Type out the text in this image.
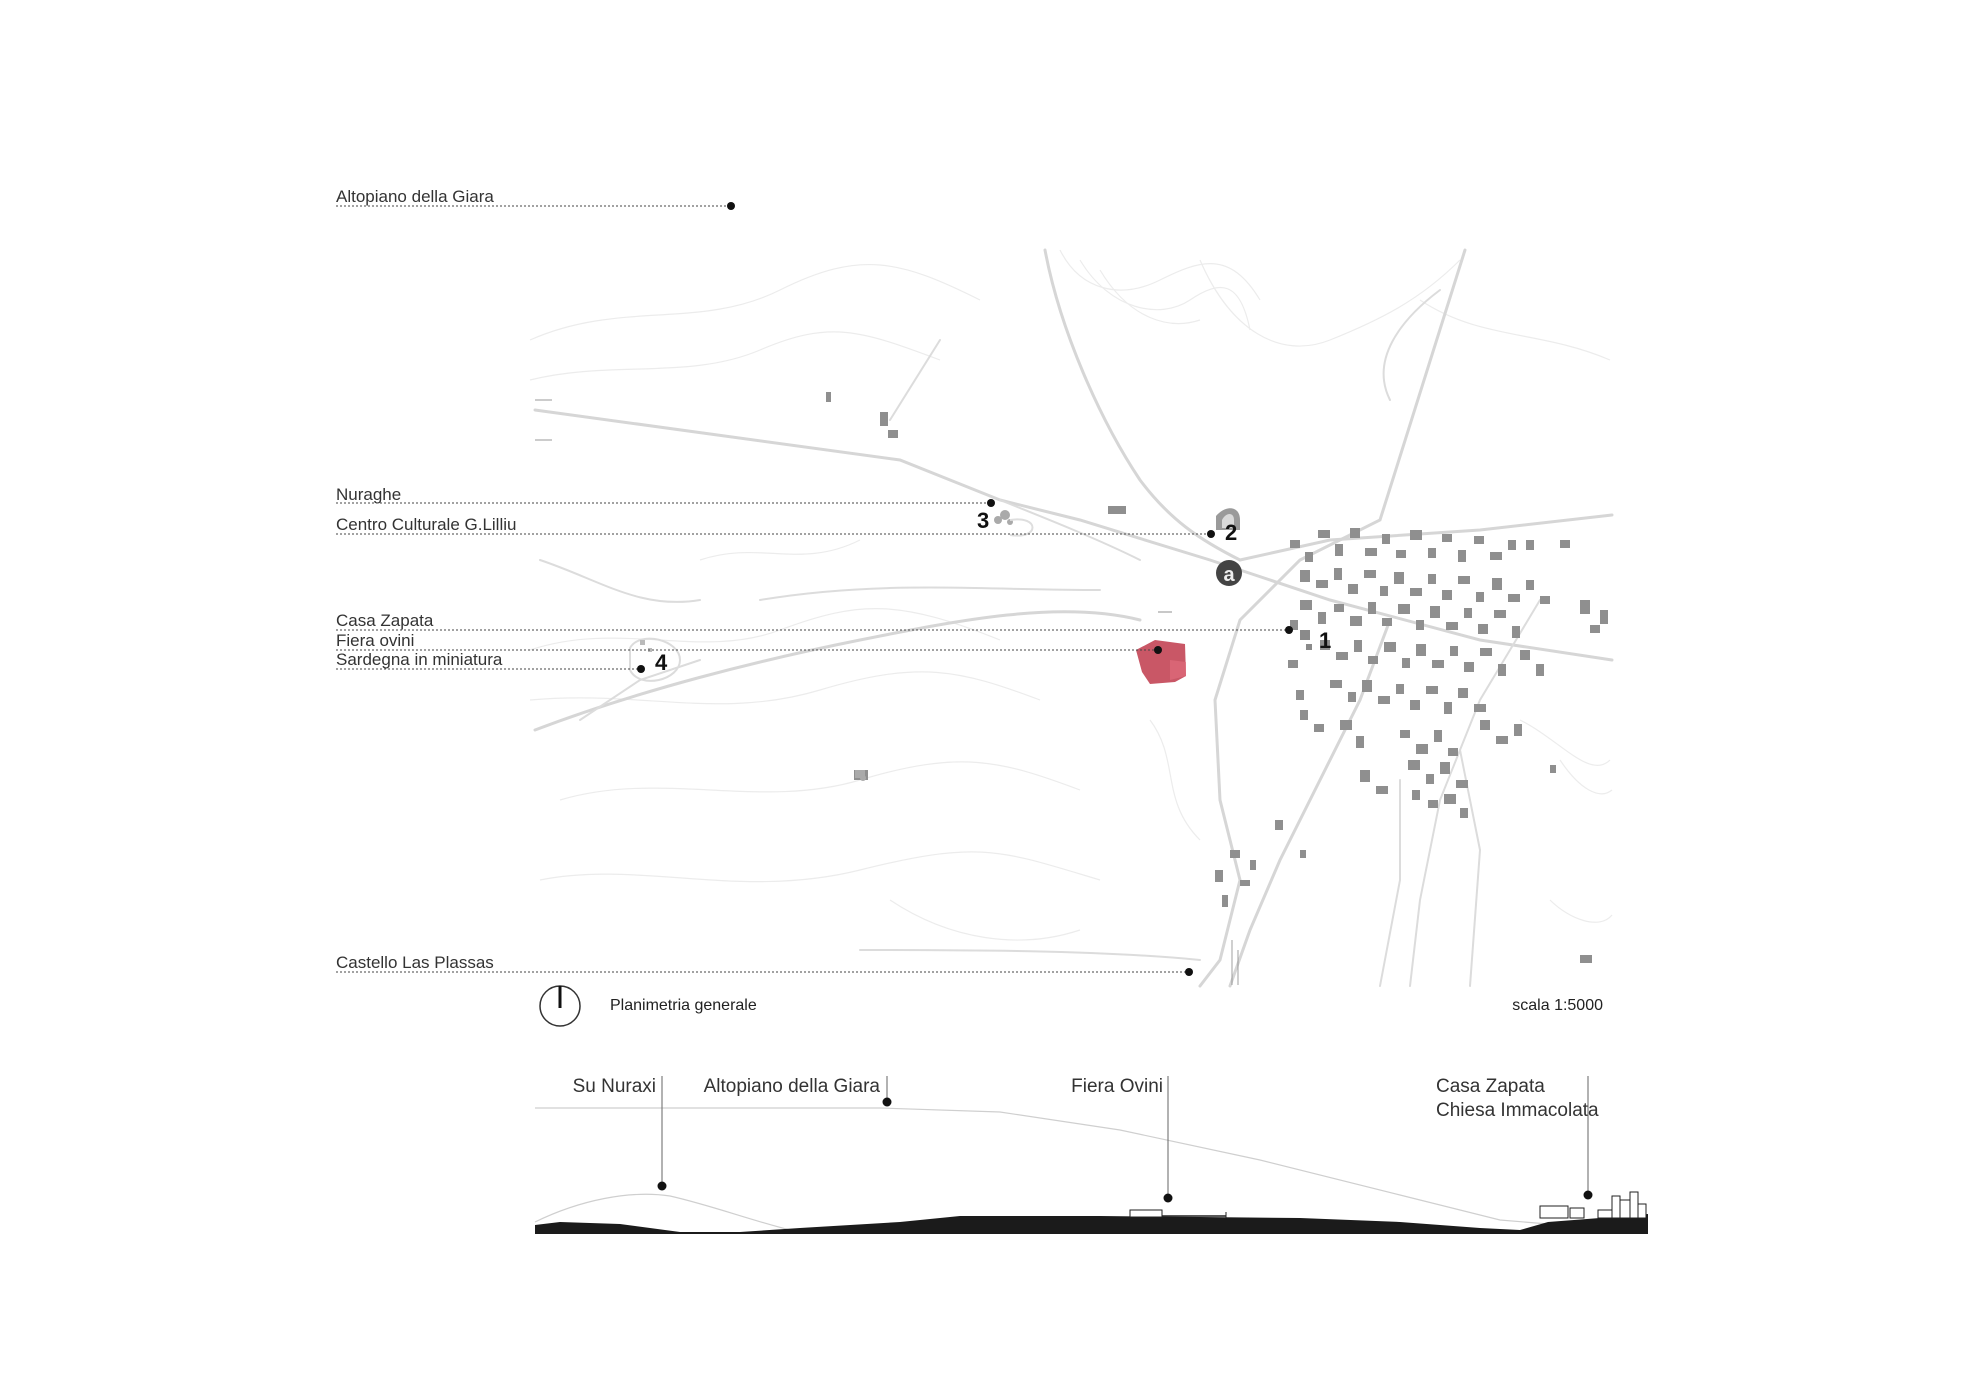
a
1
2
3
4
Altopiano della Giara
Nuraghe
Centro Culturale G.Lilliu
Casa Zapata
Fiera ovini
Sardegna in miniatura
Castello Las Plassas
Planimetria generale	scala 1:5000
Su Nuraxi	Altopiano della Giara	Fiera Ovini	Casa Zapata
Chiesa Immacolata
